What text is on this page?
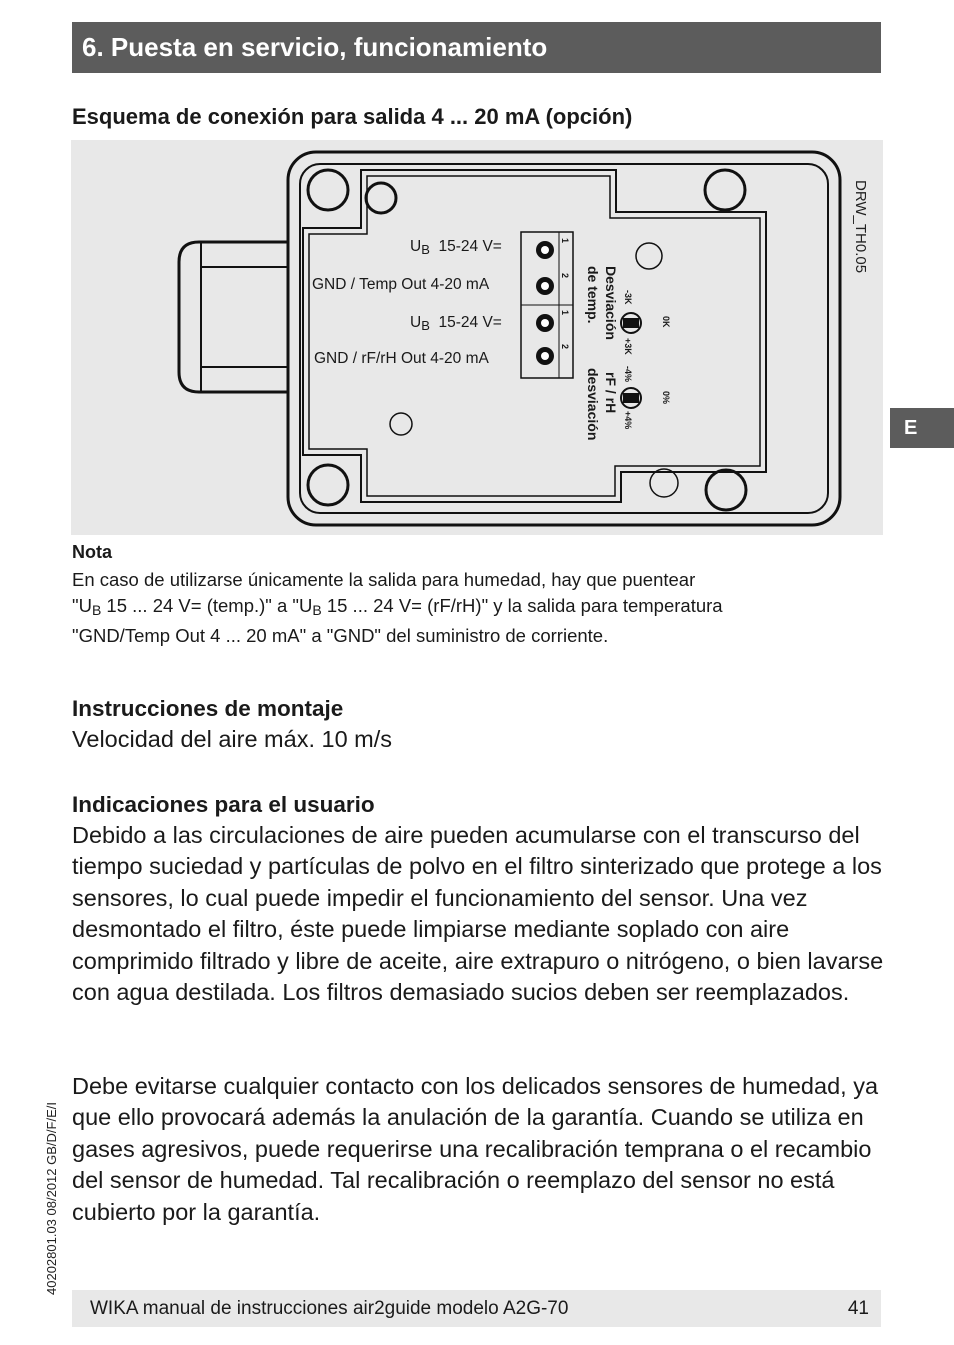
6. Puesta en servicio, funcionamiento
Esquema de conexión para salida 4 ... 20 mA (opción)
$U_B$ 15-24 V=
GND / Temp Out 4-20 mA
$U_B$ 15-24 V=
GND / rF/rH Out 4-20 mA
1
2
1
2
Desviación
de temp. -3K
+3K
0K
rF / rH
desviación -4%
+4%
0%
DRW_TH0.05
Nota
En caso de utilizarse únicamente la salida para humedad, hay que puentear
"$U_B$ 15 ... 24 V= (temp.)" a "$U_B$ 15 ... 24 V= (rF/rH)" y la salida para temperatura
"GND/Temp Out 4 ... 20 mA" a "GND" del suministro de corriente.
Instrucciones de montaje
Velocidad del aire máx. 10 m/s
Indicaciones para el usuario
Debido a las circulaciones de aire pueden acumularse con el transcurso del tiempo suciedad y partículas de polvo en el filtro sinterizado que protege a los sensores, lo cual puede impedir el funcionamiento del sensor. Una vez desmontado el filtro, éste puede limpiarse mediante soplado con aire comprimido filtrado y libre de aceite, aire extrapuro o nitrógeno, o bien lavarse con agua destilada. Los filtros demasiado sucios deben ser reemplazados.
Debe evitarse cualquier contacto con los delicados sensores de humedad, ya que ello provocará además la anulación de la garantía. Cuando se utiliza en gases agresivos, puede requerirse una recalibración temprana o el recambio del sensor de humedad. Tal recalibración o reemplazo del sensor no está cubierto por la garantía.
E
40202801.03 08/2012 GB/D/F/E/I
WIKA manual de instrucciones air2guide modelo A2G-70	41
